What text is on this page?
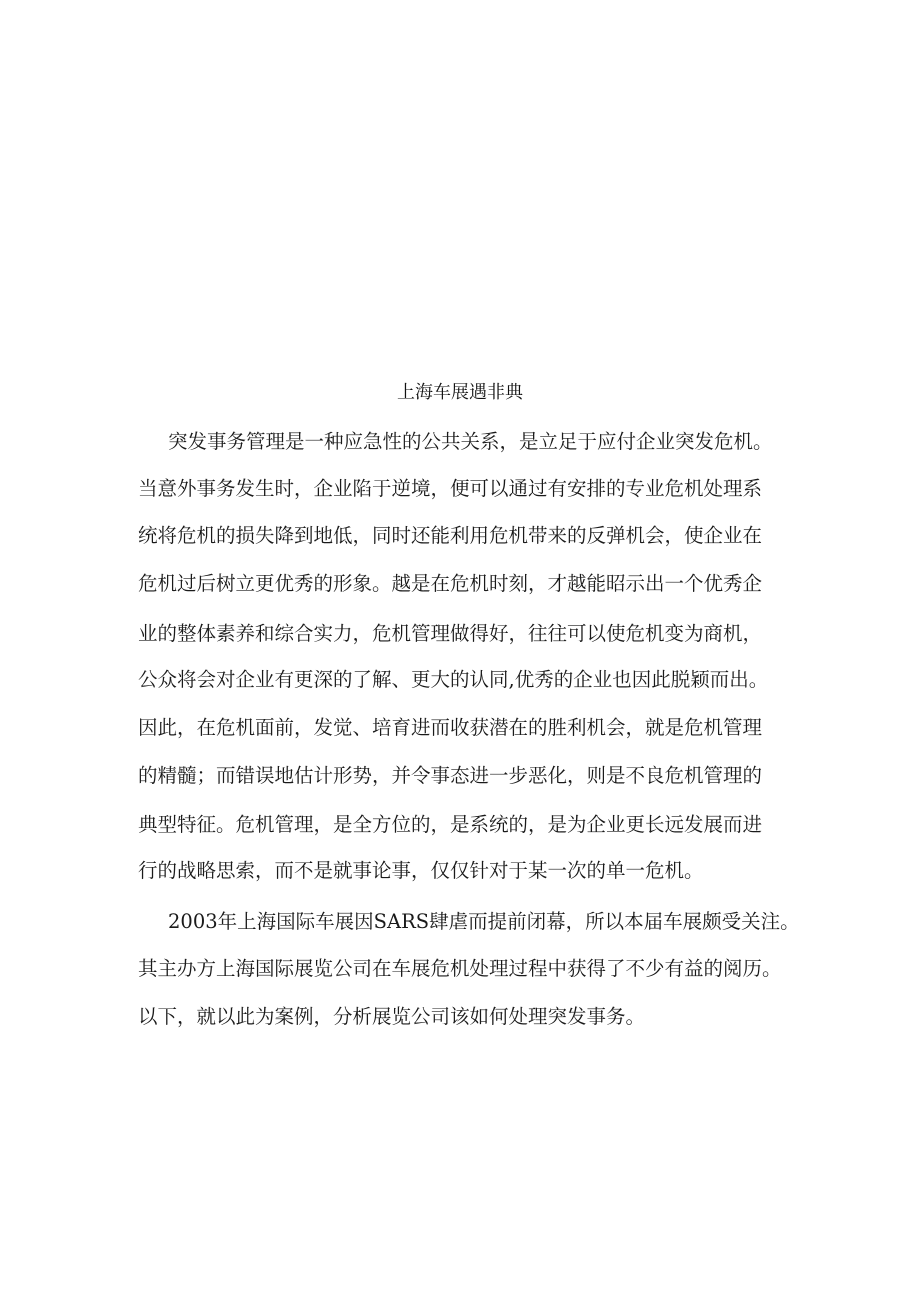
上海车展遇非典

突发事务管理是一种应急性的公共关系，是立足于应付企业突发危机。

当意外事务发生时，企业陷于逆境，便可以通过有安排的专业危机处理系

统将危机的损失降到地低，同时还能利用危机带来的反弹机会，使企业在

危机过后树立更优秀的形象。越是在危机时刻，才越能昭示出一个优秀企

业的整体素养和综合实力，危机管理做得好，往往可以使危机变为商机，

公众将会对企业有更深的了解、更大的认同,优秀的企业也因此脱颖而出。

因此，在危机面前，发觉、培育进而收获潜在的胜利机会，就是危机管理

的精髓；而错误地估计形势，并令事态进一步恶化，则是不良危机管理的

典型特征。危机管理，是全方位的，是系统的，是为企业更长远发展而进

行的战略思索，而不是就事论事，仅仅针对于某一次的单一危机。

2003年上海国际车展因SARS肆虐而提前闭幕，所以本届车展颇受关注。

其主办方上海国际展览公司在车展危机处理过程中获得了不少有益的阅历。

以下，就以此为案例，分析展览公司该如何处理突发事务。
